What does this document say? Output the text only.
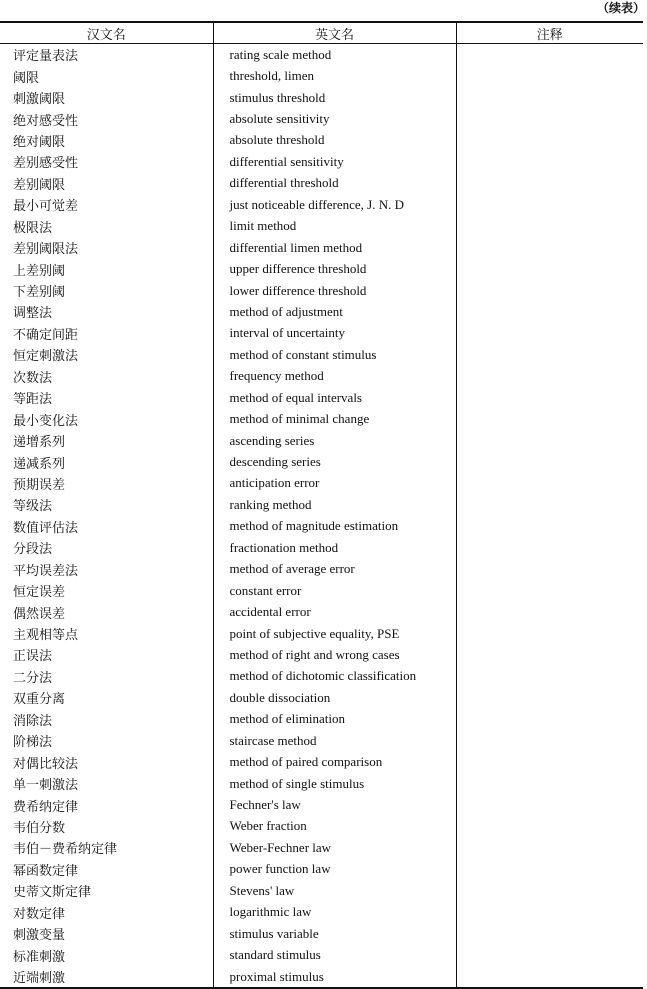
（续表）
汉文名	英文名	注释
评定量表法	rating scale method	
阈限	threshold, limen	
刺激阈限	stimulus threshold	
绝对感受性	absolute sensitivity	
绝对阈限	absolute threshold	
差别感受性	differential sensitivity	
差别阈限	differential threshold	
最小可觉差	just noticeable difference, J. N. D	
极限法	limit method	
差别阈限法	differential limen method	
上差别阈	upper difference threshold	
下差别阈	lower difference threshold	
调整法	method of adjustment	
不确定间距	interval of uncertainty	
恒定刺激法	method of constant stimulus	
次数法	frequency method	
等距法	method of equal intervals	
最小变化法	method of minimal change	
递增系列	ascending series	
递减系列	descending series	
预期误差	anticipation error	
等级法	ranking method	
数值评估法	method of magnitude estimation	
分段法	fractionation method	
平均误差法	method of average error	
恒定误差	constant error	
偶然误差	accidental error	
主观相等点	point of subjective equality, PSE	
正误法	method of right and wrong cases	
二分法	method of dichotomic classification	
双重分离	double dissociation	
消除法	method of elimination	
阶梯法	staircase method	
对偶比较法	method of paired comparison	
单一刺激法	method of single stimulus	
费希纳定律	Fechner's law	
韦伯分数	Weber fraction	
韦伯－费希纳定律	Weber-Fechner law	
幂函数定律	power function law	
史蒂文斯定律	Stevens' law	
对数定律	logarithmic law	
刺激变量	stimulus variable	
标准刺激	standard stimulus	
近端刺激	proximal stimulus	
